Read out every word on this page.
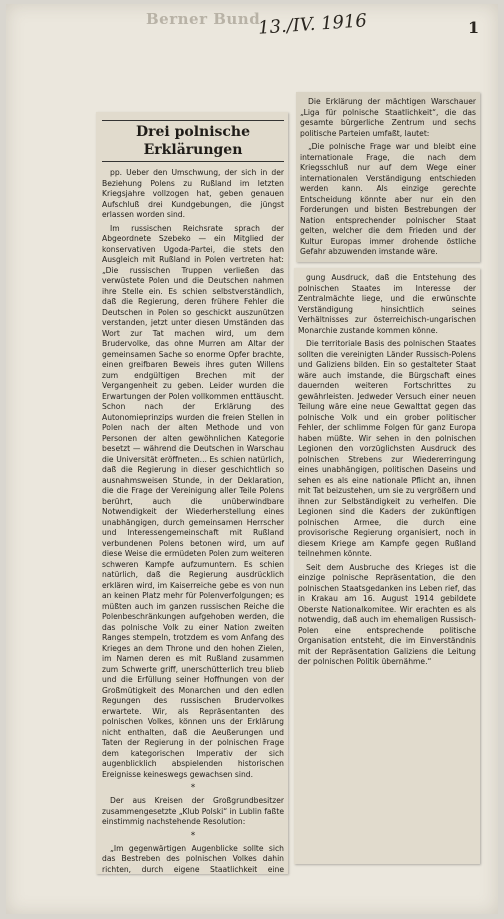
Berner Bund
13./IV. 1916	1

Die Erklärung der mächtigen Warschauer „Liga für polnische Staatlichkeit“, die das gesamte bürgerliche Zentrum und sechs politische Parteien umfaßt, lautet:

„Die polnische Frage war und bleibt eine internationale Frage, die nach dem Kriegsschluß nur auf dem Wege einer internationalen Verständigung entschieden werden kann. Als einzige gerechte Entscheidung könnte aber nur ein den Forderungen und bisten Bestrebungen der Nation entsprechender polnischer Staat gelten, welcher die dem Frieden und der Kultur Europas immer drohende östliche Gefahr abzuwenden imstande wäre.

Drei polnische Erklärungen

pp. Ueber den Umschwung, der sich in der Beziehung Polens zu Rußland im letzten Kriegsjahre vollzogen hat, geben genauen Aufschluß drei Kundgebungen, die jüngst erlassen worden sind.

Im russischen Reichsrate sprach der Abgeordnete Szebeko — ein Mitglied der konservativen Ugoda-Partei, die stets den Ausgleich mit Rußland in Polen vertreten hat: „Die russischen Truppen verließen das verwüstete Polen und die Deutschen nahmen ihre Stelle ein. Es schien selbstverständlich, daß die Regierung, deren frühere Fehler die Deutschen in Polen so geschickt auszunützen verstanden, jetzt unter diesen Umständen das Wort zur Tat machen wird, um dem Brudervolke, das ohne Murren am Altar der gemeinsamen Sache so enorme Opfer brachte, einen greifbaren Beweis ihres guten Willens zum endgültigen Brechen mit der Vergangenheit zu geben. Leider wurden die Erwartungen der Polen vollkommen enttäuscht. Schon nach der Erklärung des Autonomieprinzips wurden die freien Stellen in Polen nach der alten Methode und von Personen der alten gewöhnlichen Kategorie besetzt — während die Deutschen in Warschau die Universität eröffneten... Es schien natürlich, daß die Regierung in dieser geschichtlich so ausnahmsweisen Stunde, in der Deklaration, die die Frage der Vereinigung aller Teile Polens berührt, auch die unüberwindbare Notwendigkeit der Wiederherstellung eines unabhängigen, durch gemeinsamen Herrscher und Interessengemeinschaft mit Rußland verbundenen Polens betonen wird, um auf diese Weise die ermüdeten Polen zum weiteren schweren Kampfe aufzumuntern. Es schien natürlich, daß die Regierung ausdrücklich erklären wird, im Kaiserreiche gebe es von nun an keinen Platz mehr für Polenverfolgungen; es müßten auch im ganzen russischen Reiche die Polenbeschränkungen aufgehoben werden, die das polnische Volk zu einer Nation zweiten Ranges stempeln, trotzdem es vom Anfang des Krieges an dem Throne und den hohen Zielen, im Namen deren es mit Rußland zusammen zum Schwerte griff, unerschütterlich treu blieb und die Erfüllung seiner Hoffnungen von der Großmütigkeit des Monarchen und den edlen Regungen des russischen Brudervolkes erwartete. Wir, als Repräsentanten des polnischen Volkes, können uns der Erklärung nicht enthalten, daß die Aeußerungen und Taten der Regierung in der polnischen Frage dem kategorischen Imperativ der sich augenblicklich abspielenden historischen Ereignisse keineswegs gewachsen sind.

*

Der aus Kreisen der Großgrundbesitzer zusammengesetzte „Klub Polski“ in Lublin faßte einstimmig nachstehende Resolution:

*

„Im gegenwärtigen Augenblicke sollte sich das Bestreben des polnischen Volkes dahin richten, durch eigene Staatlichkeit eine

gung Ausdruck, daß die Entstehung des polnischen Staates im Interesse der Zentralmächte liege, und die erwünschte Verständigung hinsichtlich seines Verhältnisses zur österreichisch-ungarischen Monarchie zustande kommen könne.

Die territoriale Basis des polnischen Staates sollten die vereinigten Länder Russisch-Polens und Galiziens bilden. Ein so gestalteter Staat wäre auch imstande, die Bürgschaft eines dauernden weiteren Fortschrittes zu gewährleisten. Jedweder Versuch einer neuen Teilung wäre eine neue Gewalttat gegen das polnische Volk und ein grober politischer Fehler, der schlimme Folgen für ganz Europa haben müßte. Wir sehen in den polnischen Legionen den vorzüglichsten Ausdruck des polnischen Strebens zur Wiedererringung eines unabhängigen, politischen Daseins und sehen es als eine nationale Pflicht an, ihnen mit Tat beizustehen, um sie zu vergrößern und ihnen zur Selbständigkeit zu verhelfen. Die Legionen sind die Kaders der zukünftigen polnischen Armee, die durch eine provisorische Regierung organisiert, noch in diesem Kriege am Kampfe gegen Rußland teilnehmen könnte.

Seit dem Ausbruche des Krieges ist die einzige polnische Repräsentation, die den polnischen Staatsgedanken ins Leben rief, das in Krakau am 16. August 1914 gebildete Oberste Nationalkomitee. Wir erachten es als notwendig, daß auch im ehemaligen Russisch-Polen eine entsprechende politische Organisation entsteht, die im Einverständnis mit der Repräsentation Galiziens die Leitung der polnischen Politik übernähme.“
